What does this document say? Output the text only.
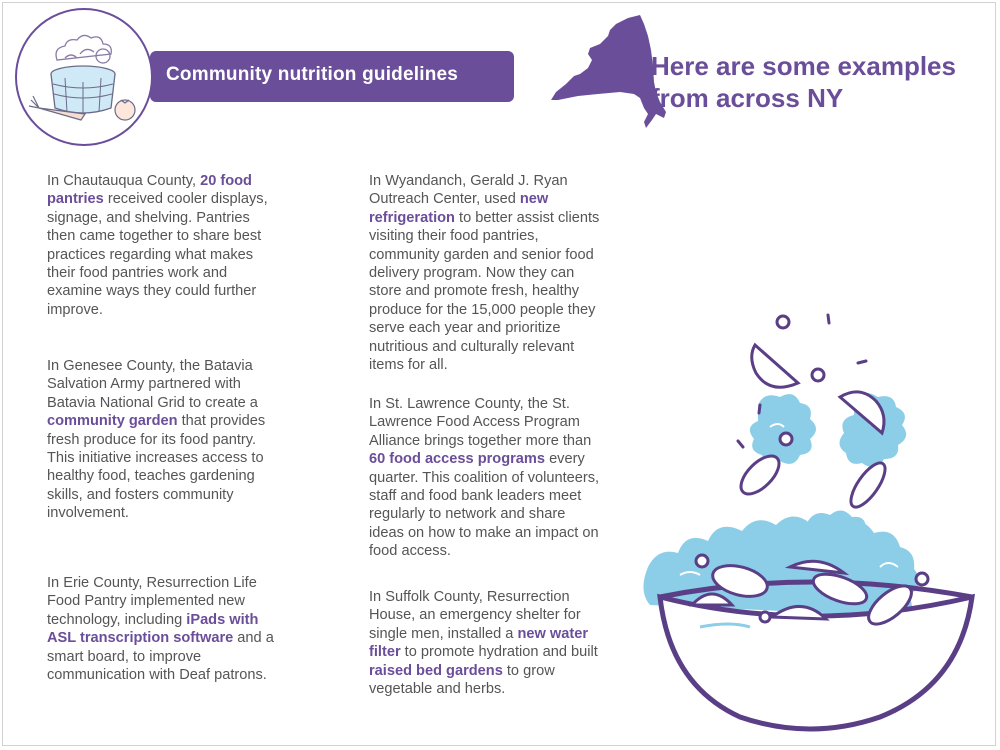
Community nutrition guidelines	Here are some examples from across NY

In Chautauqua County, 20 food pantries received cooler displays, signage, and shelving. Pantries then came together to share best practices regarding what makes their food pantries work and examine ways they could further improve.

In Genesee County, the Batavia Salvation Army partnered with Batavia National Grid to create a community garden that provides fresh produce for its food pantry. This initiative increases access to healthy food, teaches gardening skills, and fosters community involvement.

In Erie County, Resurrection Life Food Pantry implemented new technology, including iPads with ASL transcription software and a smart board, to improve communication with Deaf patrons.

In Wyandanch, Gerald J. Ryan Outreach Center, used new refrigeration to better assist clients visiting their food pantries, community garden and senior food delivery program. Now they can store and promote fresh, healthy produce for the 15,000 people they serve each year and prioritize nutritious and culturally relevant items for all.

In St. Lawrence County, the St. Lawrence Food Access Program Alliance brings together more than 60 food access programs every quarter. This coalition of volunteers, staff and food bank leaders meet regularly to network and share ideas on how to make an impact on food access.

In Suffolk County, Resurrection House, an emergency shelter for single men, installed a new water filter to promote hydration and built raised bed gardens to grow vegetable and herbs.
